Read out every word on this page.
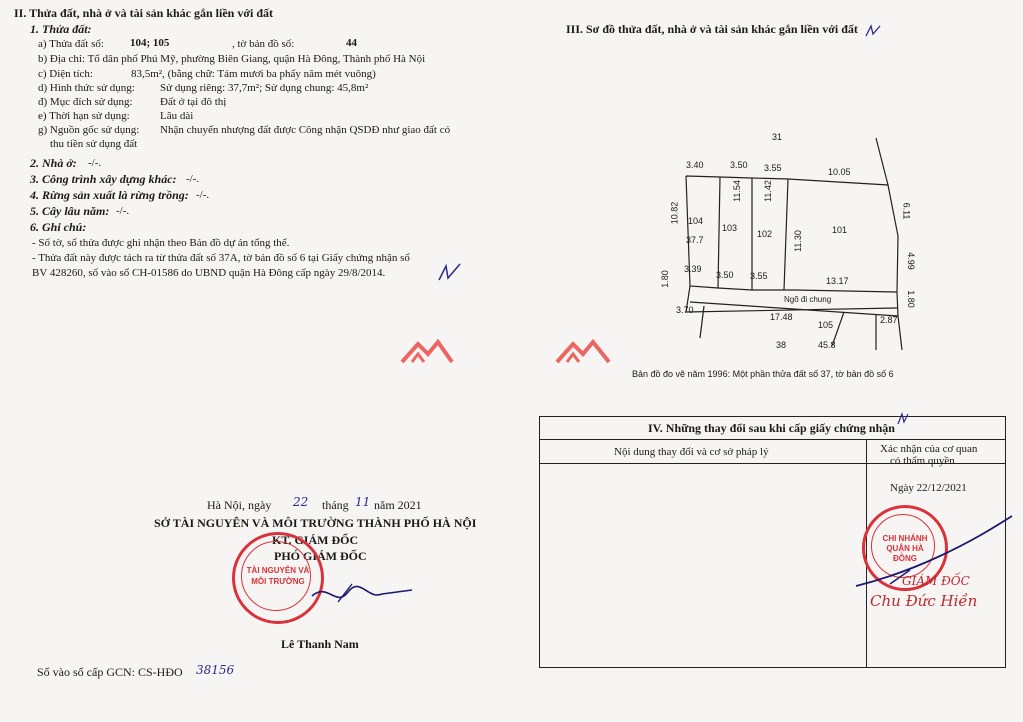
II. Thửa đất, nhà ở và tài sản khác gắn liền với đất
1. Thửa đất:
a) Thửa đất số: 104; 105	, tờ bản đồ số:	44
b) Địa chỉ: Tổ dân phố Phú Mỹ, phường Biên Giang, quận Hà Đông, Thành phố Hà Nội
c) Diện tích:	83,5m², (bằng chữ: Tám mươi ba phẩy năm mét vuông)
d) Hình thức sử dụng: Sử dụng riêng: 37,7m²; Sử dụng chung: 45,8m²
đ) Mục đích sử dụng: Đất ở tại đô thị
e) Thời hạn sử dụng:	Lâu dài
g) Nguồn gốc sử dụng: Nhận chuyển nhượng đất được Công nhận QSDĐ như giao đất có
thu tiền sử dụng đất
2. Nhà ở: -/-.
3. Công trình xây dựng khác: -/-.
4. Rừng sản xuất là rừng trồng: -/-.
5. Cây lâu năm: -/-.
6. Ghi chú:
- Số tờ, số thửa được ghi nhận theo Bản đồ dự án tổng thể.
- Thửa đất này được tách ra từ thửa đất số 37A, tờ bản đồ số 6 tại Giấy chứng nhận số
BV 428260, số vào sổ CH-01586 do UBND quận Hà Đông cấp ngày 29/8/2014.
Hà Nội, ngày 22 tháng 11 năm 2021
SỞ TÀI NGUYÊN VÀ MÔI TRƯỜNG THÀNH PHỐ HÀ NỘI
KT. GIÁM ĐỐC
PHÓ GIÁM ĐỐC
TÀI NGUYÊN VÀ MÔI TRƯỜNG
Lê Thanh Nam
Số vào sổ cấp GCN: CS-HĐO 38156
III. Sơ đồ thửa đất, nhà ở và tài sản khác gắn liền với đất
31
3.40	3.50 3.55	10.05
10.82
11.54 11.42
11.30
6.11
4.99
104
37.7
103
102	101
3.39
3.50 3.55	13.17
1.80
1.80
Ngõ đi chung
3.70
17.48
105	2.87
38	45.8
Bản đồ đo vẽ năm 1996: Một phần thửa đất số 37, tờ bản đồ số 6
IV. Những thay đổi sau khi cấp giấy chứng nhận
Nội dung thay đổi và cơ sở pháp lý	Xác nhận của cơ quan
có thẩm quyền
Ngày 22/12/2021
CHI NHÁNH QUẬN HÀ ĐÔNG
GIÁM ĐỐC
Chu Đức Hiền
